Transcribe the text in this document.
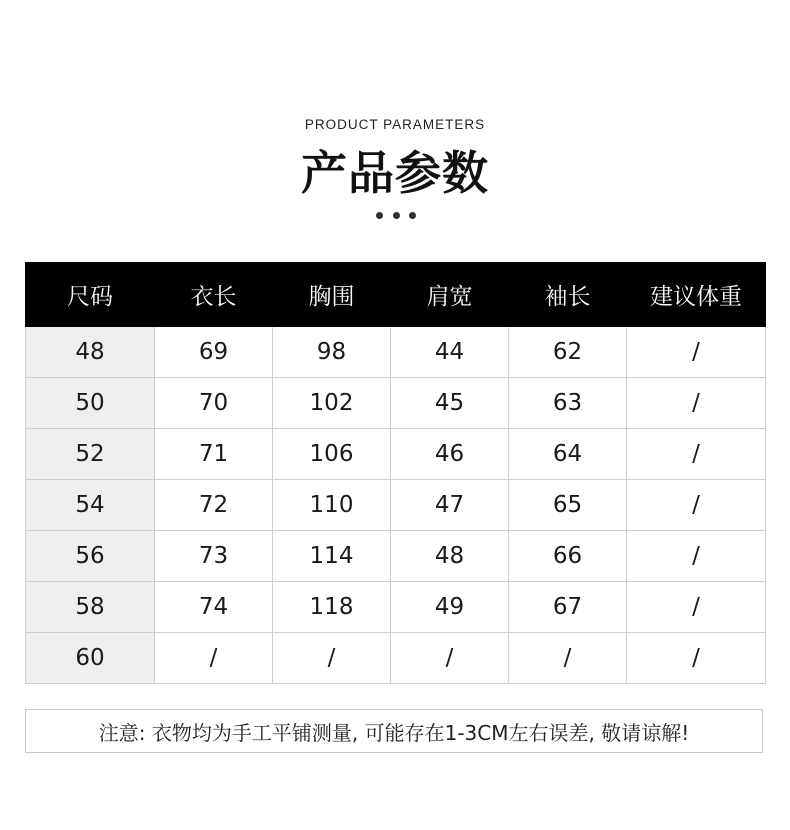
PRODUCT PARAMETERS
产品参数
尺码	衣长	胸围	肩宽	袖长	建议体重
48	69	98	44	62	/
50	70	102	45	63	/
52	71	106	46	64	/
54	72	110	47	65	/
56	73	114	48	66	/
58	74	118	49	67	/
60	/	/	/	/	/
注意: 衣物均为手工平铺测量, 可能存在1-3CM左右误差, 敬请谅解!
